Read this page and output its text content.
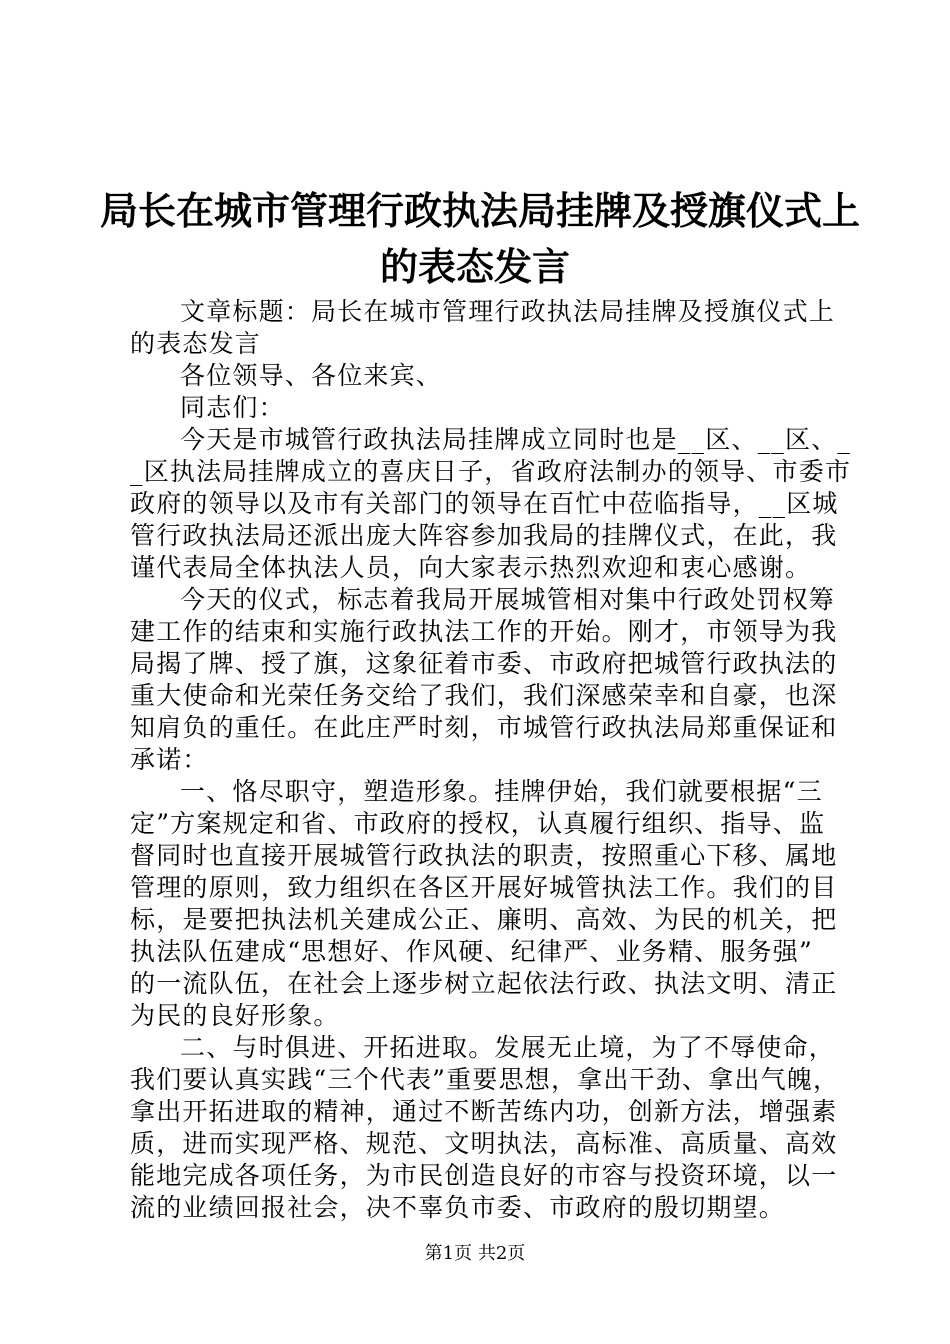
局长在城市管理行政执法局挂牌及授旗仪式上
的表态发言
文章标题：局长在城市管理行政执法局挂牌及授旗仪式上
的表态发言
各位领导、各位来宾、
同志们：
今天是市城管行政执法局挂牌成立同时也是__区、__区、_
_区执法局挂牌成立的喜庆日子，省政府法制办的领导、市委市
政府的领导以及市有关部门的领导在百忙中莅临指导，__区城
管行政执法局还派出庞大阵容参加我局的挂牌仪式，在此，我
谨代表局全体执法人员，向大家表示热烈欢迎和衷心感谢。
今天的仪式，标志着我局开展城管相对集中行政处罚权筹
建工作的结束和实施行政执法工作的开始。刚才，市领导为我
局揭了牌、授了旗，这象征着市委、市政府把城管行政执法的
重大使命和光荣任务交给了我们，我们深感荣幸和自豪，也深
知肩负的重任。在此庄严时刻，市城管行政执法局郑重保证和
承诺：
一、恪尽职守，塑造形象。挂牌伊始，我们就要根据“三
定”方案规定和省、市政府的授权，认真履行组织、指导、监
督同时也直接开展城管行政执法的职责，按照重心下移、属地
管理的原则，致力组织在各区开展好城管执法工作。我们的目
标，是要把执法机关建成公正、廉明、高效、为民的机关，把
执法队伍建成“思想好、作风硬、纪律严、业务精、服务强”
的一流队伍，在社会上逐步树立起依法行政、执法文明、清正
为民的良好形象。
二、与时俱进、开拓进取。发展无止境，为了不辱使命，
我们要认真实践“三个代表”重要思想，拿出干劲、拿出气魄，
拿出开拓进取的精神，通过不断苦练内功，创新方法，增强素
质，进而实现严格、规范、文明执法，高标准、高质量、高效
能地完成各项任务，为市民创造良好的市容与投资环境，以一
流的业绩回报社会，决不辜负市委、市政府的殷切期望。
第1页 共2页
